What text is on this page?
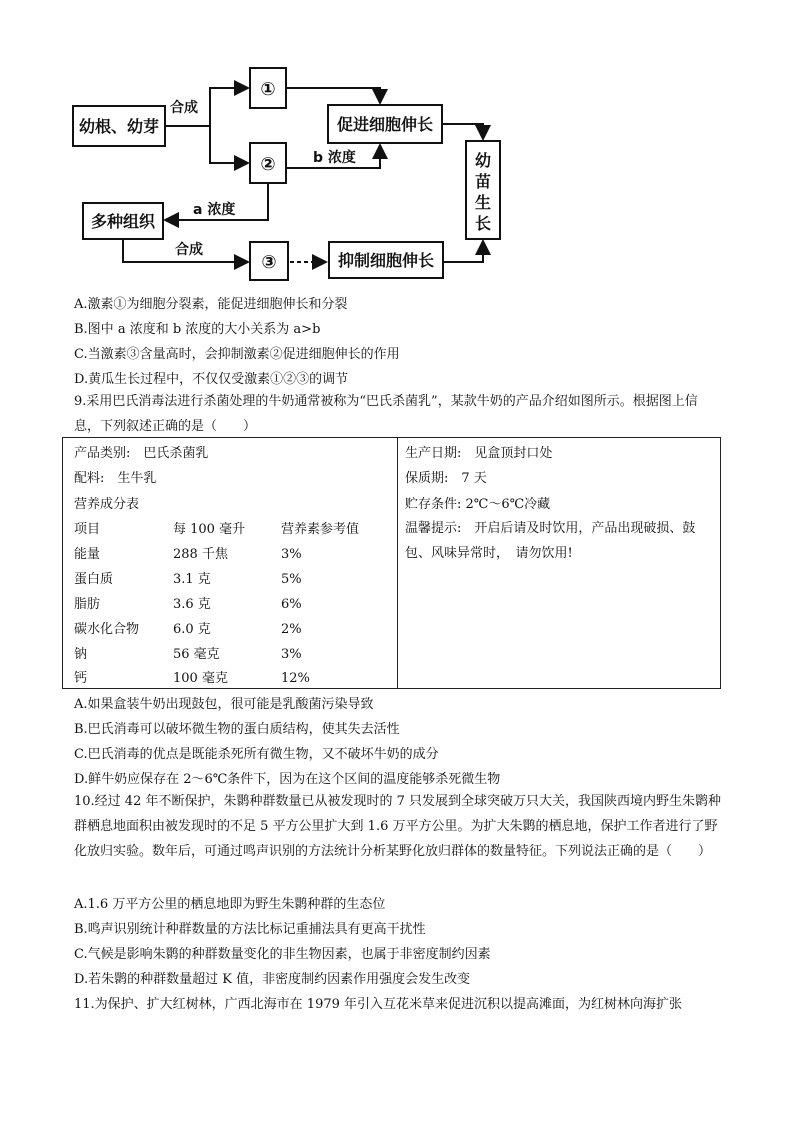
幼根、幼芽
①
②
③
合成
合成
促进细胞伸长
抑制细胞伸长
多种组织
a 浓度
b 浓度	幼
苗
生
长
A.激素①为细胞分裂素，能促进细胞伸长和分裂
B.图中 a 浓度和 b 浓度的大小关系为 a>b
C.当激素③含量高时，会抑制激素②促进细胞伸长的作用
D.黄瓜生长过程中，不仅仅受激素①②③的调节
9.采用巴氏消毒法进行杀菌处理的牛奶通常被称为“巴氏杀菌乳”，某款牛奶的产品介绍如图所示。根据图上信息，下列叙述正确的是（　　）
产品类别:　巴氏杀菌乳
配料:　生牛乳
营养成分表
项目	每 100 毫升	营养素参考值
能量	288 千焦	3%
蛋白质	3.1 克	5%
脂肪	3.6 克	6%
碳水化合物	6.0 克	2%
钠	56 毫克	3%
钙	100 毫克	12%
生产日期:　见盒顶封口处
保质期:　7 天
贮存条件: 2℃～6℃冷藏
温馨提示:　开启后请及时饮用，产品出现破损、鼓包、风味异常时，　请勿饮用!
A.如果盒装牛奶出现鼓包，很可能是乳酸菌污染导致
B.巴氏消毒可以破坏微生物的蛋白质结构，使其失去活性
C.巴氏消毒的优点是既能杀死所有微生物，又不破坏牛奶的成分
D.鲜牛奶应保存在 2～6℃条件下，因为在这个区间的温度能够杀死微生物
10.经过 42 年不断保护，朱鹮种群数量已从被发现时的 7 只发展到全球突破万只大关，我国陕西境内野生朱鹮种群栖息地面积由被发现时的不足 5 平方公里扩大到 1.6 万平方公里。为扩大朱鹮的栖息地，保护工作者进行了野化放归实验。数年后，可通过鸣声识别的方法统计分析某野化放归群体的数量特征。下列说法正确的是（　　）
A.1.6 万平方公里的栖息地即为野生朱鹮种群的生态位
B.鸣声识别统计种群数量的方法比标记重捕法具有更高干扰性
C.气候是影响朱鹮的种群数量变化的非生物因素，也属于非密度制约因素
D.若朱鹮的种群数量超过 K 值，非密度制约因素作用强度会发生改变
11.为保护、扩大红树林，广西北海市在 1979 年引入互花米草来促进沉积以提高滩面，为红树林向海扩张
